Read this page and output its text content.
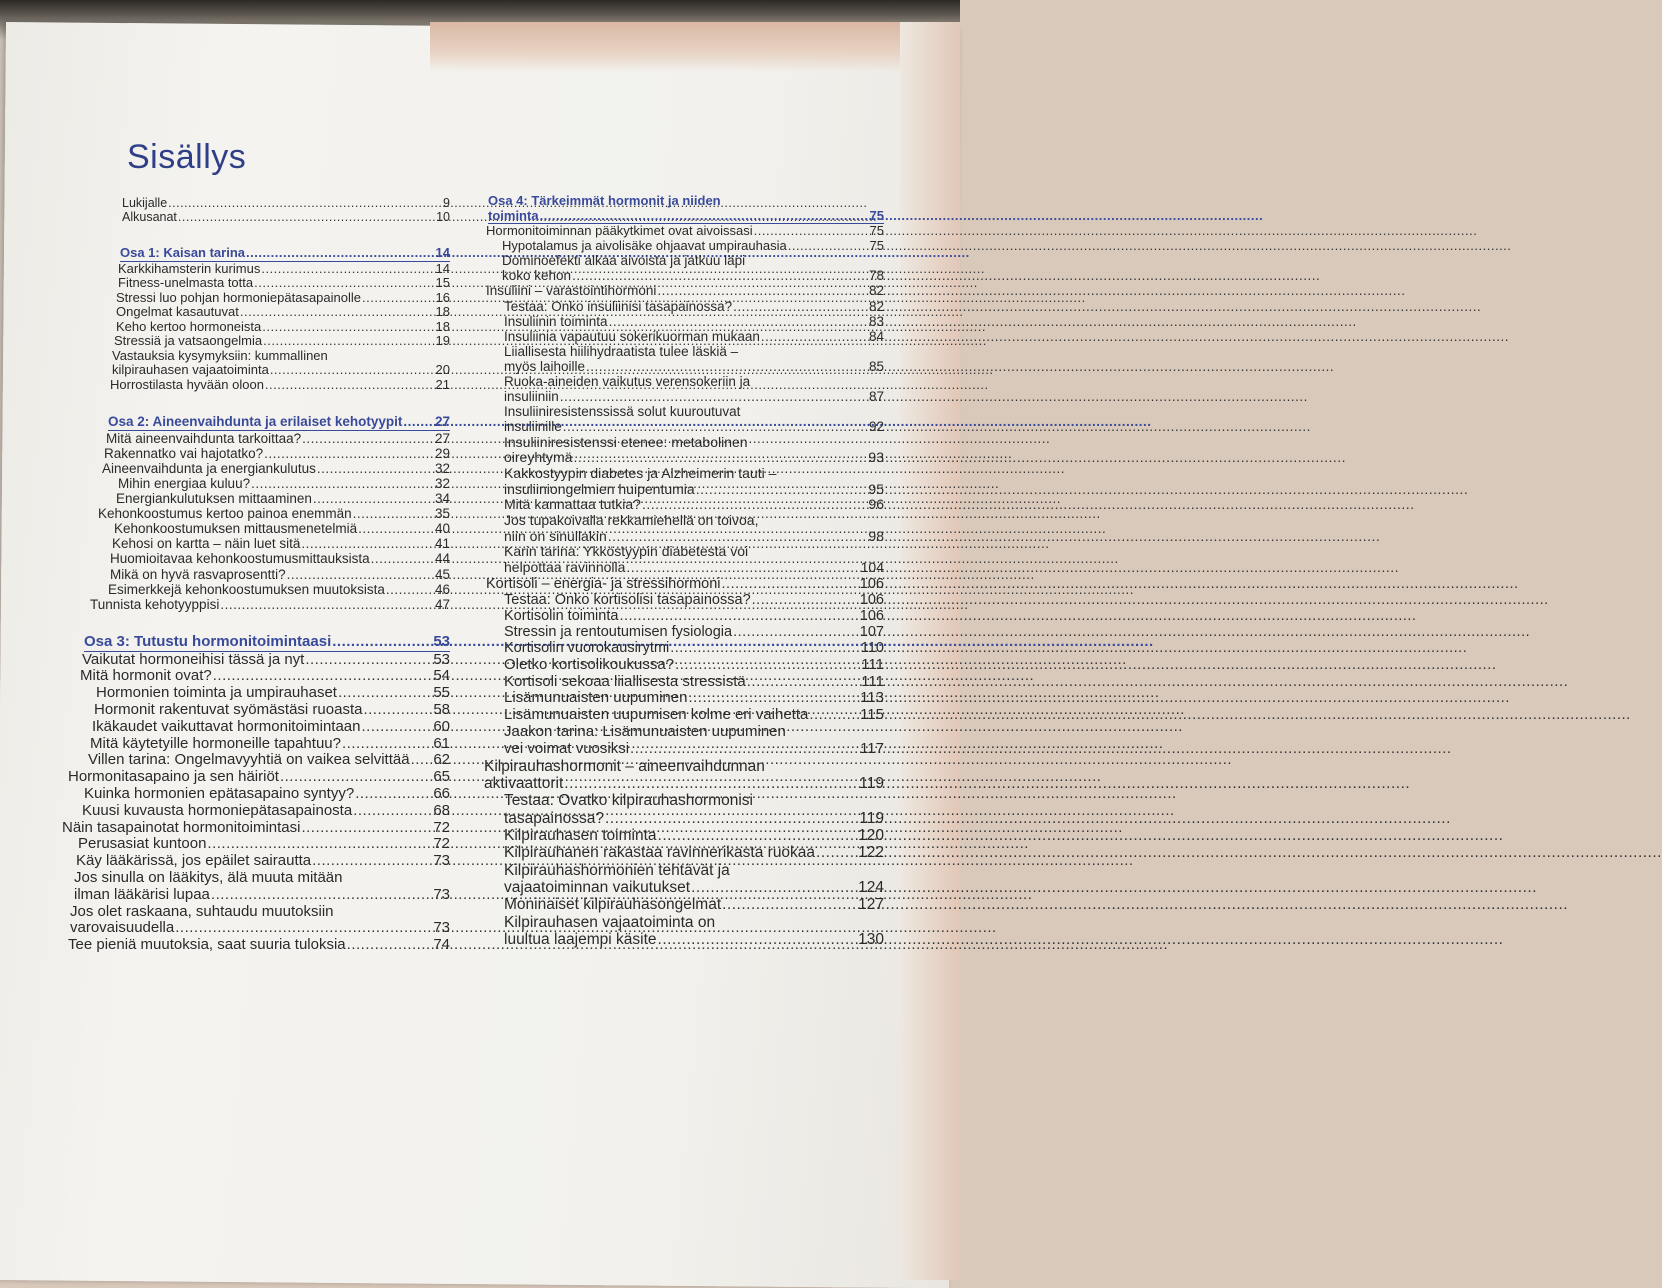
Sisällys
Lukijalle .....	9
Alkusanat .....	10
Osa 1: Kaisan tarina .....	14
Karkkihamsterin kurimus .....	14
Fitness-unelmasta totta .....	15
Stressi luo pohjan hormoniepätasapainolle .....	16
Ongelmat kasautuvat .....	18
Keho kertoo hormoneista .....	18
Stressiä ja vatsaongelmia .....	19
Vastauksia kysymyksiin: kummallinen
kilpirauhasen vajaatoiminta .....	20
Horrostilasta hyvään oloon .....	21
Osa 2: Aineenvaihdunta ja erilaiset kehotyypit ..... 27
Mitä aineenvaihdunta tarkoittaa? .....	27
Rakennatko vai hajotatko? .....	29
Aineenvaihdunta ja energiankulutus .....	32
Mihin energiaa kuluu? .....	32
Energiankulutuksen mittaaminen .....	34
Kehonkoostumus kertoo painoa enemmän .....	35
Kehonkoostumuksen mittausmenetelmiä .....	40
Kehosi on kartta – näin luet sitä .....	41
Huomioitavaa kehonkoostumusmittauksista .....	44
Mikä on hyvä rasvaprosentti? .....	45
Esimerkkejä kehonkoostumuksen muutoksista .....	46
Tunnista kehotyyppisi .....	47
Osa 3: Tutustu hormonitoimintaasi .....	53
Vaikutat hormoneihisi tässä ja nyt .....	53
Mitä hormonit ovat? .....	54
Hormonien toiminta ja umpirauhaset .....	55
Hormonit rakentuvat syömästäsi ruoasta .....	58
Ikäkaudet vaikuttavat hormonitoimintaan .....	60
Mitä käytetyille hormoneille tapahtuu? .....	61
Villen tarina: Ongelmavyyhtiä on vaikea selvittää ..... 62
Hormonitasapaino ja sen häiriöt .....	65
Kuinka hormonien epätasapaino syntyy? .....	66
Kuusi kuvausta hormoniepätasapainosta .....	68
Näin tasapainotat hormonitoimintasi .....	72
Perusasiat kuntoon .....	72
Käy lääkärissä, jos epäilet sairautta .....	73
Jos sinulla on lääkitys, älä muuta mitään
ilman lääkärisi lupaa .....	73
Jos olet raskaana, suhtaudu muutoksiin
varovaisuudella .....	73
Tee pieniä muutoksia, saat suuria tuloksia .....	74
Osa 4: Tärkeimmät hormonit ja niiden
toiminta .....	75
Hormonitoiminnan pääkytkimet ovat aivoissasi .....	75
Hypotalamus ja aivolisäke ohjaavat umpirauhasia .....	75
Dominoefekti alkaa aivoista ja jatkuu läpi
koko kehon .....	78
Insuliini – varastointihormoni .....	82
Testaa: Onko insuliinisi tasapainossa? .....	82
Insuliinin toiminta .....	83
Insuliinia vapautuu sokerikuorman mukaan .....	84
Liiallisesta hiilihydraatista tulee läskiä –
myös laihoille .....	85
Ruoka-aineiden vaikutus verensokeriin ja
insuliiniin .....	87
Insuliiniresistenssissä solut kuuroutuvat
insuliinille .....	92
Insuliiniresistenssi etenee: metabolinen
oireyhtymä .....	93
Kakkostyypin diabetes ja Alzheimerin tauti –
insuliiniongelmien huipentumia .....	95
Mitä kannattaa tutkia? .....	96
Jos tupakoivalla rekkamiehellä on toivoa,
niin on sinullakin .....	98
Karin tarina: Ykköstyypin diabetesta voi
helpottaa ravinnolla .....	104
Kortisoli – energia- ja stressihormoni .....	106
Testaa: Onko kortisolisi tasapainossa? .....	106
Kortisolin toiminta .....	106
Stressin ja rentoutumisen fysiologia .....	107
Kortisolin vuorokausirytmi .....	110
Oletko kortisolikoukussa? .....	111
Kortisoli sekoaa liiallisesta stressistä .....	111
Lisämunuaisten uupuminen .....	113
Lisämunuaisten uupumisen kolme eri vaihetta .....	115
Jaakon tarina: Lisämunuaisten uupuminen
vei voimat vuosiksi .....	117
Kilpirauhashormonit – aineenvaihdunnan
aktivaattorit .....	119
Testaa: Ovatko kilpirauhashormonisi
tasapainossa? .....	119
Kilpirauhasen toiminta .....	120
Kilpirauhanen rakastaa ravinnerikasta ruokaa .....	122
Kilpirauhashormonien tehtävät ja
vajaatoiminnan vaikutukset .....	124
Moninaiset kilpirauhasongelmat .....	127
Kilpirauhasen vajaatoiminta on
luultua laajempi käsite .....	130
